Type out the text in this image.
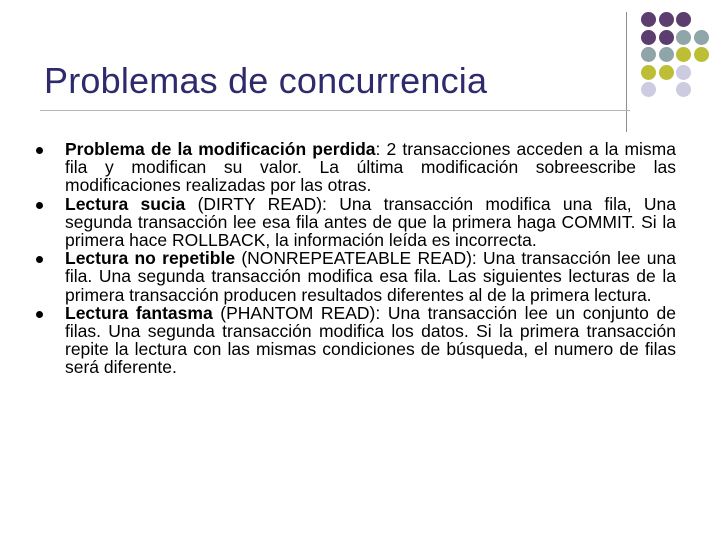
Problemas de concurrencia
Problema de la modificación perdida: 2 transacciones acceden a la misma fila y modifican su valor. La última modificación sobreescribe las modificaciones realizadas por las otras.
Lectura sucia (DIRTY READ): Una transacción modifica una fila, Una segunda transacción lee esa fila antes de que la primera haga COMMIT. Si la primera hace ROLLBACK, la información leída es incorrecta.
Lectura no repetible (NONREPEATEABLE READ): Una transacción lee una fila. Una segunda transacción modifica esa fila. Las siguientes lecturas de la primera transacción producen resultados diferentes al de la primera lectura.
Lectura fantasma (PHANTOM READ): Una transacción lee un conjunto de filas. Una segunda transacción modifica los datos. Si la primera transacción repite la lectura con las mismas condiciones de búsqueda, el numero de filas será diferente.
